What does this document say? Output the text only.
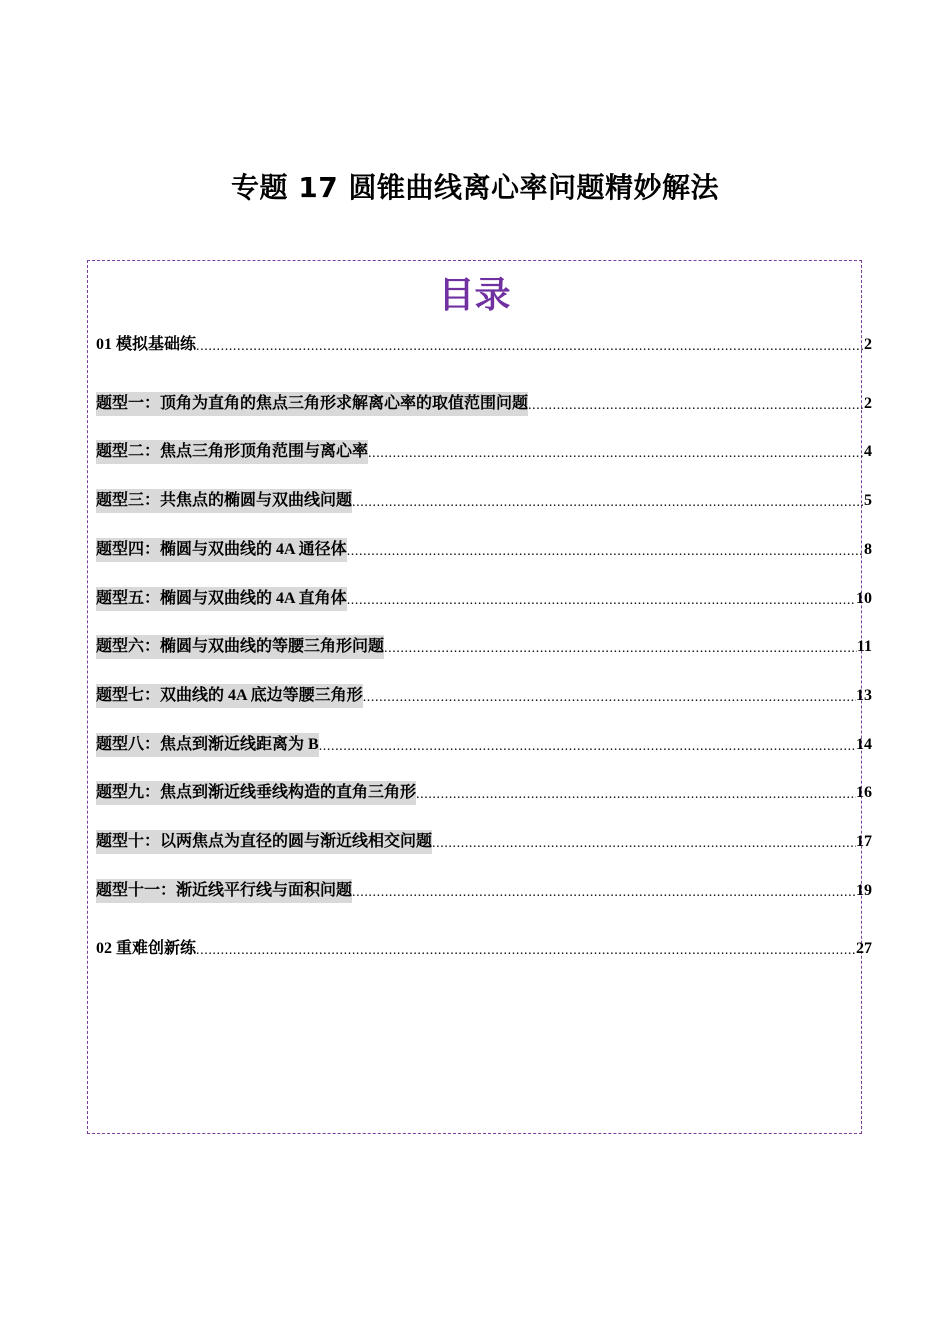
专题 17 圆锥曲线离心率问题精妙解法
目录
01 模拟基础练 .....	2
题型一：顶角为直角的焦点三角形求解离心率的取值范围问题 .....	2
题型二：焦点三角形顶角范围与离心率 .....	4
题型三：共焦点的椭圆与双曲线问题 .....	5
题型四：椭圆与双曲线的 4A 通径体 .....	8
题型五：椭圆与双曲线的 4A 直角体 .....	10
题型六：椭圆与双曲线的等腰三角形问题 .....	11
题型七：双曲线的 4A 底边等腰三角形 .....	13
题型八：焦点到渐近线距离为 B .....	14
题型九：焦点到渐近线垂线构造的直角三角形 .....	16
题型十：以两焦点为直径的圆与渐近线相交问题 .....	17
题型十一：渐近线平行线与面积问题 .....	19
02 重难创新练 .....	27
